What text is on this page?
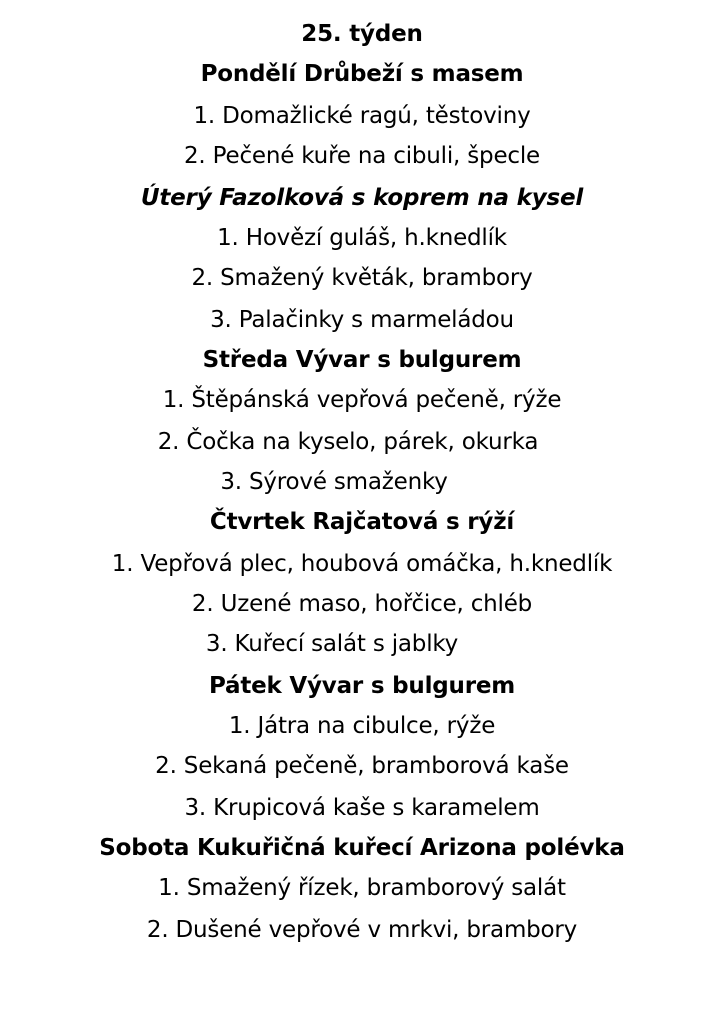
25. týden
Pondělí Drůbeží s masem
1. Domažlické ragú, těstoviny
2. Pečené kuře na cibuli, špecle
Úterý Fazolková s koprem na kysel
1. Hovězí guláš, h.knedlík
2. Smažený květák, brambory
3. Palačinky s marmeládou
Středa Vývar s bulgurem
1. Štěpánská vepřová pečeně, rýže
2. Čočka na kyselo, párek, okurka
3. Sýrové smaženky
Čtvrtek Rajčatová s rýží
1. Vepřová plec, houbová omáčka, h.knedlík
2. Uzené maso, hořčice, chléb
3. Kuřecí salát s jablky
Pátek Vývar s bulgurem
1. Játra na cibulce, rýže
2. Sekaná pečeně, bramborová kaše
3. Krupicová kaše s karamelem
Sobota Kukuřičná kuřecí Arizona polévka
1. Smažený řízek, bramborový salát
2. Dušené vepřové v mrkvi, brambory
